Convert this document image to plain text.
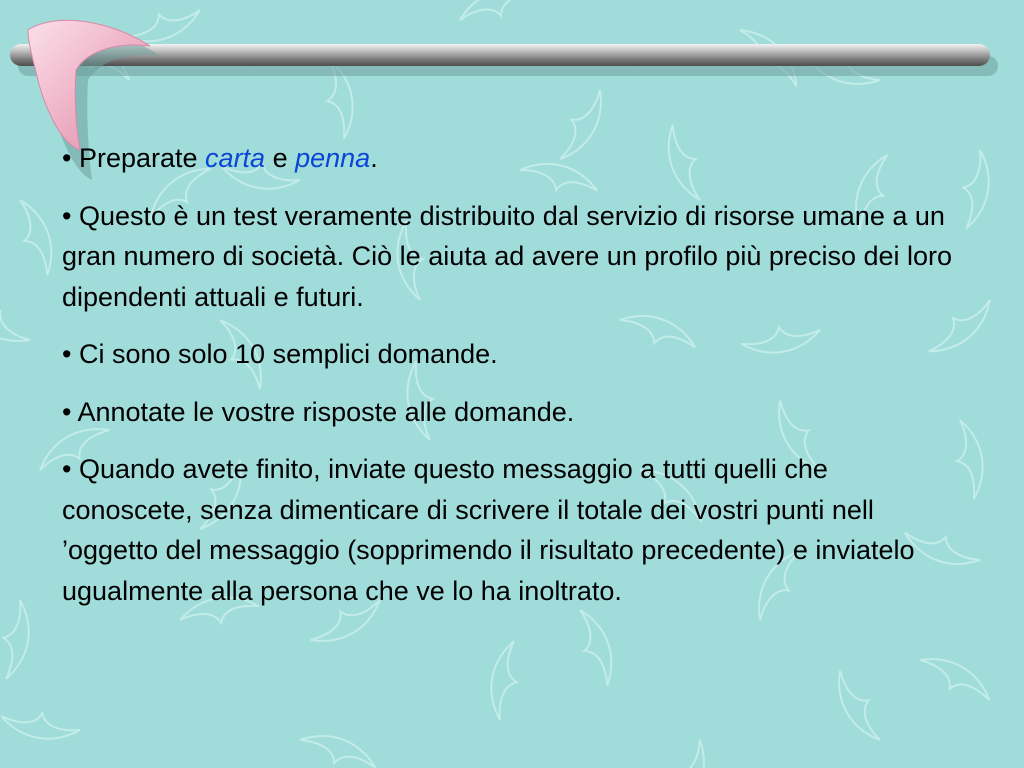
• Preparate carta e penna.

• Questo è un test veramente distribuito dal servizio di risorse umane a un gran numero di società. Ciò le aiuta ad avere un profilo più preciso dei loro dipendenti attuali e futuri.

• Ci sono solo 10 semplici domande.

• Annotate le vostre risposte alle domande.

• Quando avete finito, inviate questo messaggio a tutti quelli che conoscete, senza dimenticare di scrivere il totale dei vostri punti nell ’oggetto del messaggio (sopprimendo il risultato precedente) e inviatelo ugualmente alla persona che ve lo ha inoltrato.
